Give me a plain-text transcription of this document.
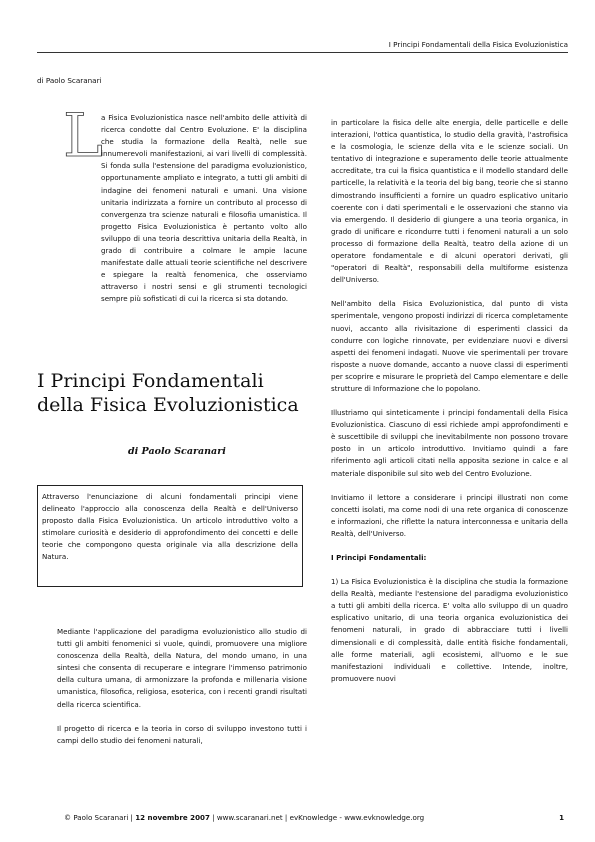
I Principi Fondamentali della Fisica Evoluzionistica
di Paolo Scaranari
L

a Fisica Evoluzionistica nasce nell'ambito delle attività di ricerca condotte dal Centro Evoluzione. E' la disciplina che studia la formazione della Realtà, nelle sue innumerevoli manifestazioni, ai vari livelli di complessità. Si fonda sulla l'estensione del paradigma evoluzionistico, opportunamente ampliato e integrato, a tutti gli ambiti di indagine dei fenomeni naturali e umani. Una visione unitaria indirizzata a fornire un contributo al processo di convergenza tra scienze naturali e filosofia umanistica. Il progetto Fisica Evoluzionistica è pertanto volto allo sviluppo di una teoria descrittiva unitaria della Realtà, in grado di contribuire a colmare le ampie lacune manifestate dalle attuali teorie scientifiche nel descrivere e spiegare la realtà fenomenica, che osserviamo attraverso i nostri sensi e gli strumenti tecnologici sempre più sofisticati di cui la ricerca si sta dotando.

I Principi Fondamentali della Fisica Evoluzionistica
di Paolo Scaranari
Attraverso l'enunciazione di alcuni fondamentali principi viene delineato l'approccio alla conoscenza della Realtà e dell'Universo proposto dalla Fisica Evoluzionistica. Un articolo introduttivo volto a stimolare curiosità e desiderio di approfondimento dei concetti e delle teorie che compongono questa originale via alla descrizione della Natura.

Mediante l'applicazione del paradigma evoluzionistico allo studio di tutti gli ambiti fenomenici si vuole, quindi, promuovere una migliore conoscenza della Realtà, della Natura, del mondo umano, in una sintesi che consenta di recuperare e integrare l'immenso patrimonio della cultura umana, di armonizzare la profonda e millenaria visione umanistica, filosofica, religiosa, esoterica, con i recenti grandi risultati della ricerca scientifica.

Il progetto di ricerca e la teoria in corso di sviluppo investono tutti i campi dello studio dei fenomeni naturali,

in particolare la fisica delle alte energia, delle particelle e delle interazioni, l'ottica quantistica, lo studio della gravità, l'astrofisica e la cosmologia, le scienze della vita e le scienze sociali. Un tentativo di integrazione e superamento delle teorie attualmente accreditate, tra cui la fisica quantistica e il modello standard delle particelle, la relatività e la teoria del big bang, teorie che si stanno dimostrando insufficienti a fornire un quadro esplicativo unitario coerente con i dati sperimentali e le osservazioni che stanno via via emergendo. Il desiderio di giungere a una teoria organica, in grado di unificare e ricondurre tutti i fenomeni naturali a un solo processo di formazione della Realtà, teatro della azione di un operatore fondamentale e di alcuni operatori derivati, gli "operatori di Realtà", responsabili della multiforme esistenza dell'Universo.

Nell'ambito della Fisica Evoluzionistica, dal punto di vista sperimentale, vengono proposti indirizzi di ricerca completamente nuovi, accanto alla rivisitazione di esperimenti classici da condurre con logiche rinnovate, per evidenziare nuovi e diversi aspetti dei fenomeni indagati. Nuove vie sperimentali per trovare risposte a nuove domande, accanto a nuove classi di esperimenti per scoprire e misurare le proprietà del Campo elementare e delle strutture di Informazione che lo popolano.

Illustriamo qui sinteticamente i principi fondamentali della Fisica Evoluzionistica. Ciascuno di essi richiede ampi approfondimenti e è suscettibile di sviluppi che inevitabilmente non possono trovare posto in un articolo introduttivo. Invitiamo quindi a fare riferimento agli articoli citati nella apposita sezione in calce e al materiale disponibile sul sito web del Centro Evoluzione.

Invitiamo il lettore a considerare i principi illustrati non come concetti isolati, ma come nodi di una rete organica di conoscenze e informazioni, che riflette la natura interconnessa e unitaria della Realtà, dell'Universo.

I Principi Fondamentali:

1) La Fisica Evoluzionistica è la disciplina che studia la formazione della Realtà, mediante l'estensione del paradigma evoluzionistico a tutti gli ambiti della ricerca. E' volta allo sviluppo di un quadro esplicativo unitario, di una teoria organica evoluzionistica dei fenomeni naturali, in grado di abbracciare tutti i livelli dimensionali e di complessità, dalle entità fisiche fondamentali, alle forme materiali, agli ecosistemi, all'uomo e le sue manifestazioni individuali e collettive. Intende, inoltre, promuovere nuovi

© Paolo Scaranari | 12 novembre 2007 | www.scaranari.net | evKnowledge - www.evknowledge.org	1
